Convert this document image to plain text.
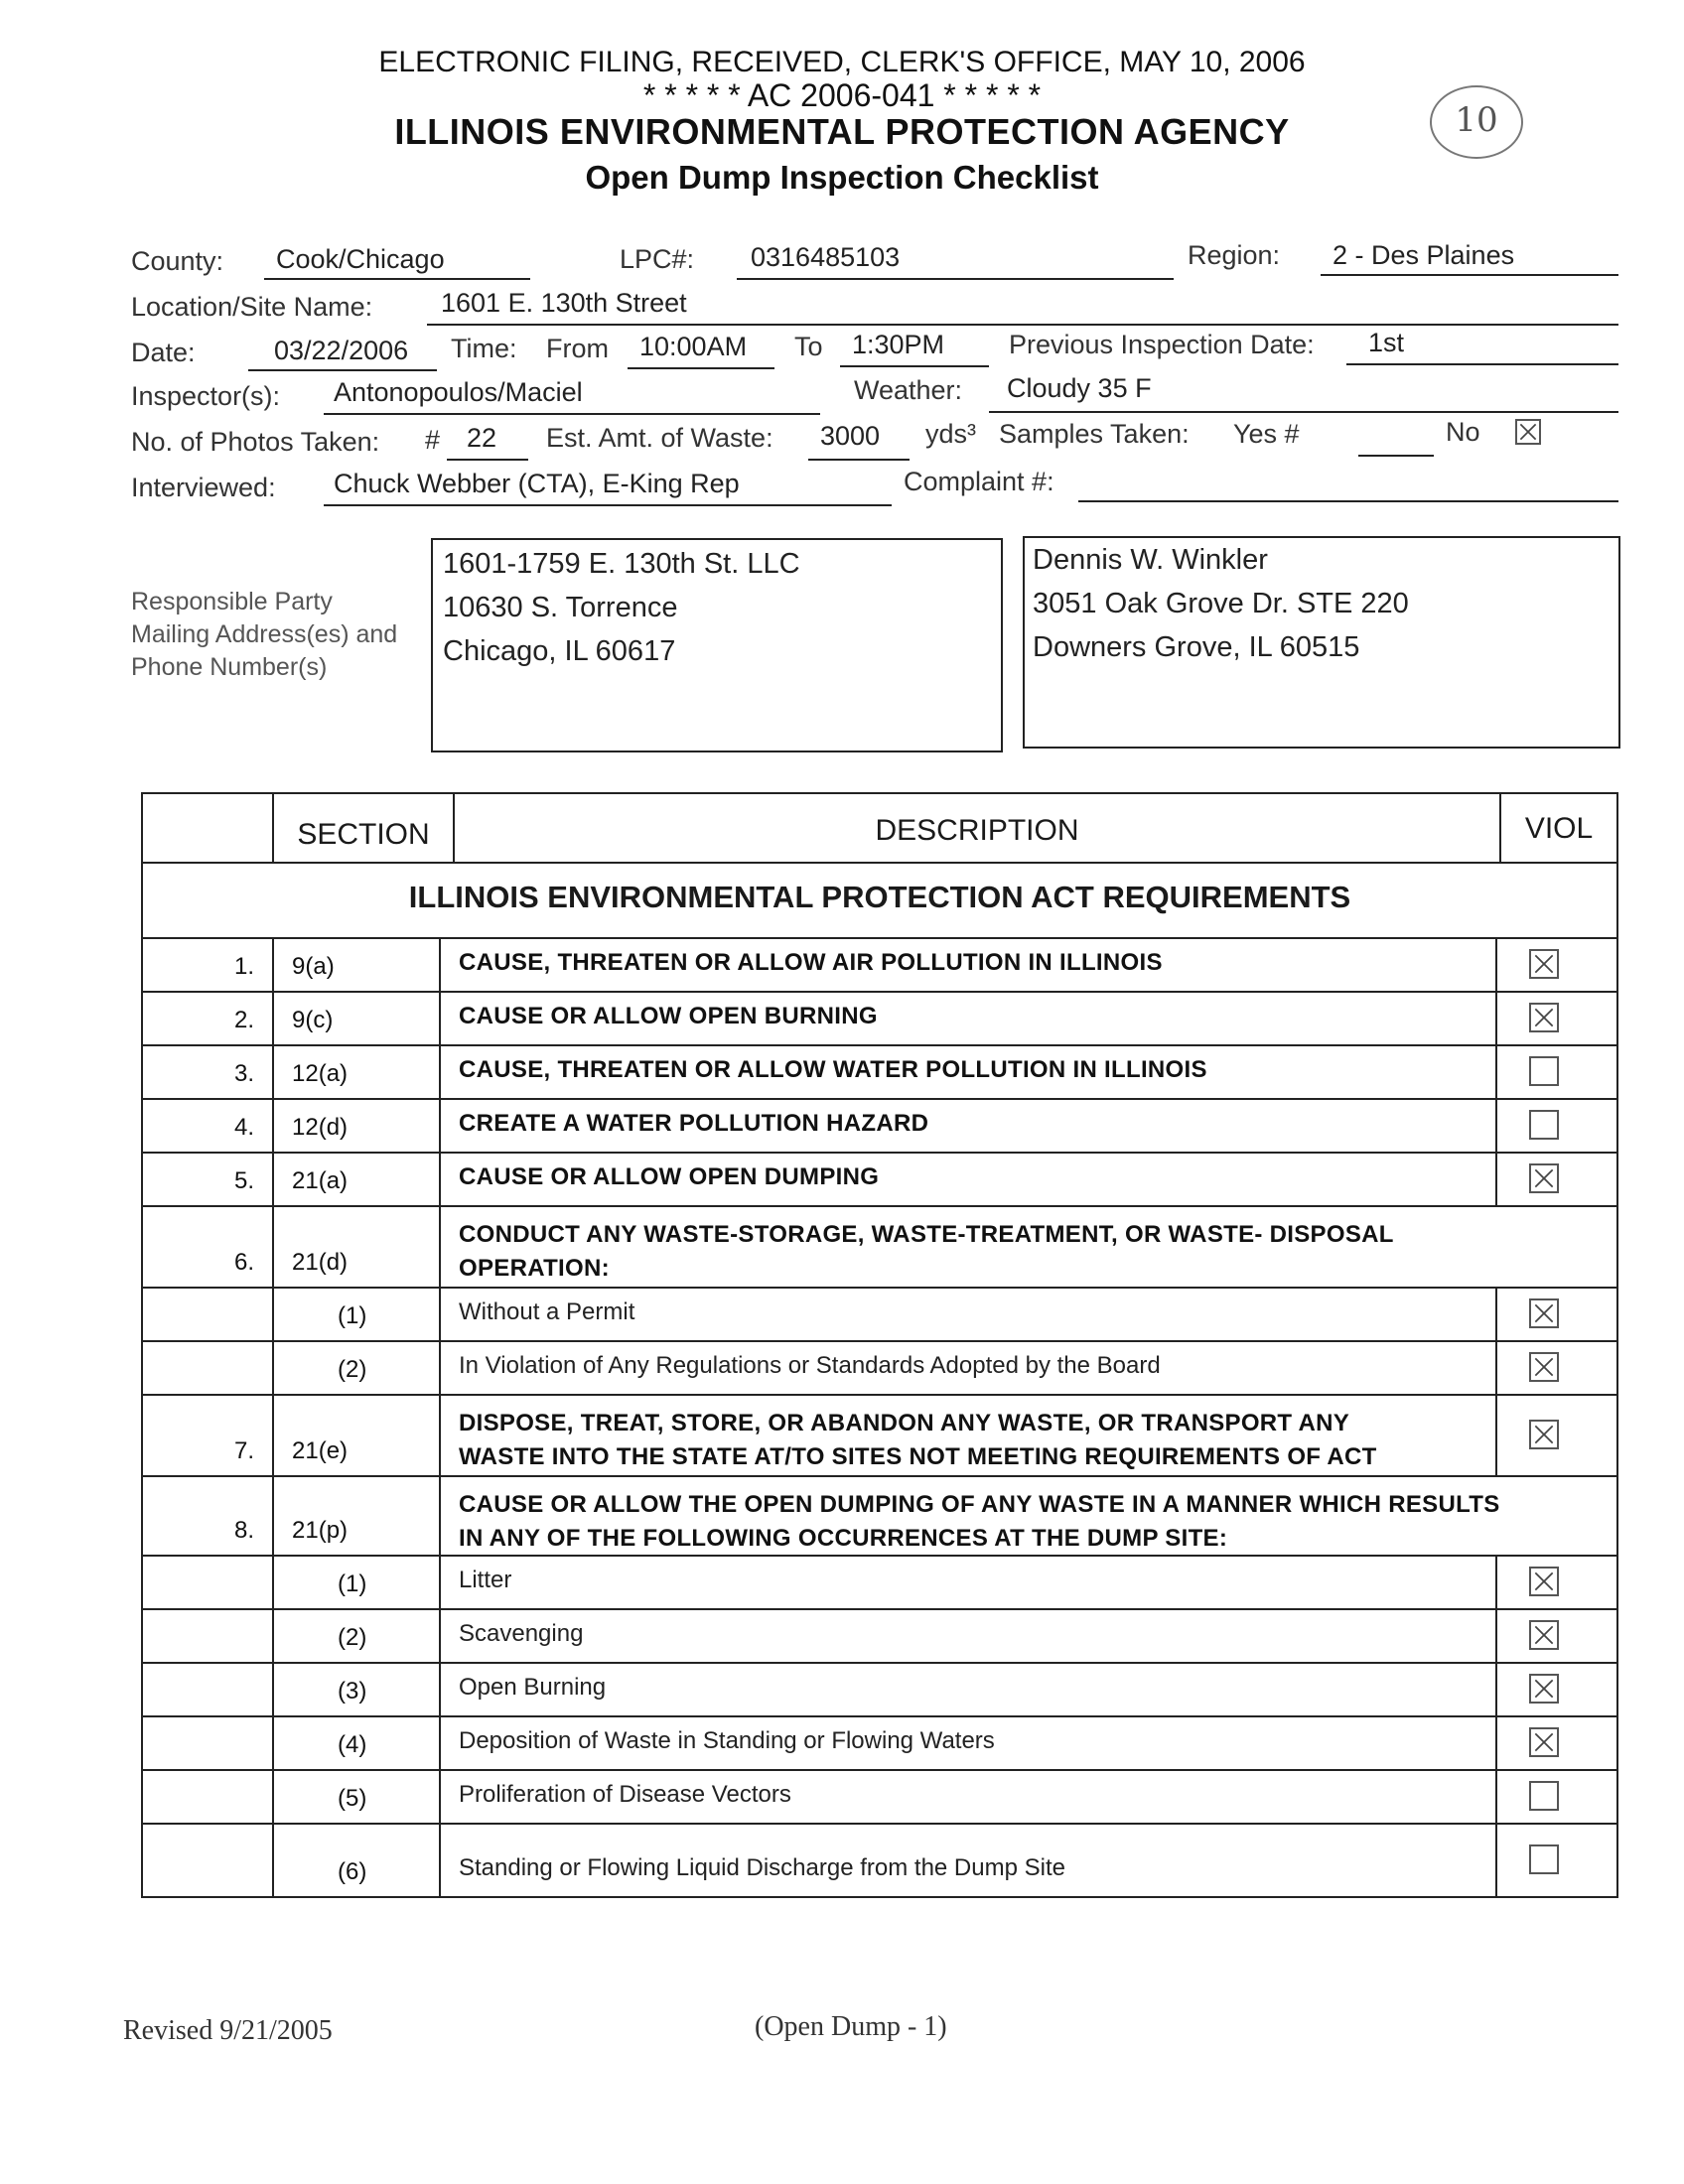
ELECTRONIC FILING, RECEIVED, CLERK'S OFFICE, MAY 10, 2006
* * * * * AC 2006-041 * * * * *
ILLINOIS ENVIRONMENTAL PROTECTION AGENCY
Open Dump Inspection Checklist
10
County: Cook/Chicago	LPC#: 0316485103	Region: 2 - Des Plaines
Location/Site Name:	1601 E. 130th Street
Date:	03/22/2006 Time: From 10:00AM To 1:30PM Previous Inspection Date: 1st
Inspector(s): Antonopoulos/Maciel	Weather: Cloudy 35 F
No. of Photos Taken: # 22 Est. Amt. of Waste: 3000 yds³ Samples Taken: Yes #	No
Interviewed: Chuck Webber (CTA), E-King Rep	Complaint #:
Responsible Party Mailing Address(es) and Phone Number(s)
1601-1759 E. 130th St. LLC
10630 S. Torrence
Chicago, IL 60617
Dennis W. Winkler
3051 Oak Grove Dr. STE 220
Downers Grove, IL 60515
SECTION	DESCRIPTION	VIOL
ILLINOIS ENVIRONMENTAL PROTECTION ACT REQUIREMENTS
1. 9(a)	CAUSE, THREATEN OR ALLOW AIR POLLUTION IN ILLINOIS
2. 9(c)	CAUSE OR ALLOW OPEN BURNING
3. 12(a)	CAUSE, THREATEN OR ALLOW WATER POLLUTION IN ILLINOIS
4. 12(d)	CREATE A WATER POLLUTION HAZARD
5. 21(a)	CAUSE OR ALLOW OPEN DUMPING
6. 21(d)
CONDUCT ANY WASTE-STORAGE, WASTE-TREATMENT, OR WASTE- DISPOSAL
OPERATION:
(1)	Without a Permit
(2)	In Violation of Any Regulations or Standards Adopted by the Board
7. 21(e)
DISPOSE, TREAT, STORE, OR ABANDON ANY WASTE, OR TRANSPORT ANY
WASTE INTO THE STATE AT/TO SITES NOT MEETING REQUIREMENTS OF ACT
8. 21(p)
CAUSE OR ALLOW THE OPEN DUMPING OF ANY WASTE IN A MANNER WHICH RESULTS
IN ANY OF THE FOLLOWING OCCURRENCES AT THE DUMP SITE:
(1)	Litter
(2)	Scavenging
(3)	Open Burning
(4)	Deposition of Waste in Standing or Flowing Waters
(5)	Proliferation of Disease Vectors
(6)	Standing or Flowing Liquid Discharge from the Dump Site
Revised 9/21/2005	(Open Dump - 1)
